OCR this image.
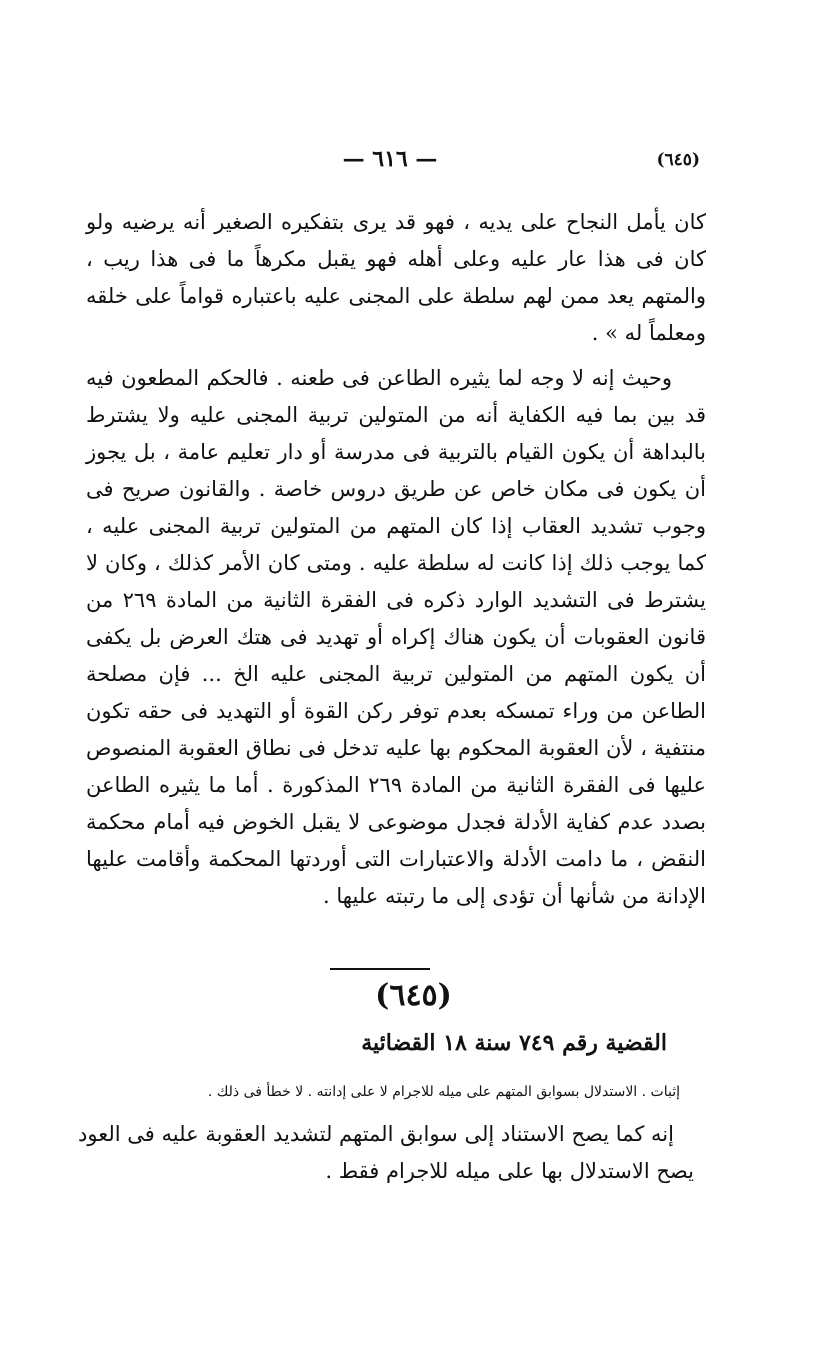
(٦٤٥)
— ٦١٦ —

كان يأمل النجاح على يديه ، فهو قد يرى بتفكيره الصغير أنه يرضيه ولو كان فى هذا عار عليه وعلى أهله فهو يقبل مكرهاً ما فى هذا ريب ، والمتهم يعد ممن لهم سلطة على المجنى عليه باعتباره قواماً على خلقه ومعلماً له » .

وحيث إنه لا وجه لما يثيره الطاعن فى طعنه . فالحكم المطعون فيه قد بين بما فيه الكفاية أنه من المتولين تربية المجنى عليه ولا يشترط بالبداهة أن يكون القيام بالتربية فى مدرسة أو دار تعليم عامة ، بل يجوز أن يكون فى مكان خاص عن طريق دروس خاصة . والقانون صريح فى وجوب تشديد العقاب إذا كان المتهم من المتولين تربية المجنى عليه ، كما يوجب ذلك إذا كانت له سلطة عليه . ومتى كان الأمر كذلك ، وكان لا يشترط فى التشديد الوارد ذكره فى الفقرة الثانية من المادة ٢٦٩ من قانون العقوبات أن يكون هناك إكراه أو تهديد فى هتك العرض بل يكفى أن يكون المتهم من المتولين تربية المجنى عليه الخ ... فإن مصلحة الطاعن من وراء تمسكه بعدم توفر ركن القوة أو التهديد فى حقه تكون منتفية ، لأن العقوبة المحكوم بها عليه تدخل فى نطاق العقوبة المنصوص عليها فى الفقرة الثانية من المادة ٢٦٩ المذكورة . أما ما يثيره الطاعن بصدد عدم كفاية الأدلة فجدل موضوعى لا يقبل الخوض فيه أمام محكمة النقض ، ما دامت الأدلة والاعتبارات التى أوردتها المحكمة وأقامت عليها الإدانة من شأنها أن تؤدى إلى ما رتبته عليها .

(٦٤٥)
القضية رقم ٧٤٩ سنة ١٨ القضائية
إثبات . الاستدلال بسوابق المتهم على ميله للاجرام لا على إدانته . لا خطأ فى ذلك .

إنه كما يصح الاستناد إلى سوابق المتهم لتشديد العقوبة عليه فى العود يصح الاستدلال بها على ميله للاجرام فقط .
